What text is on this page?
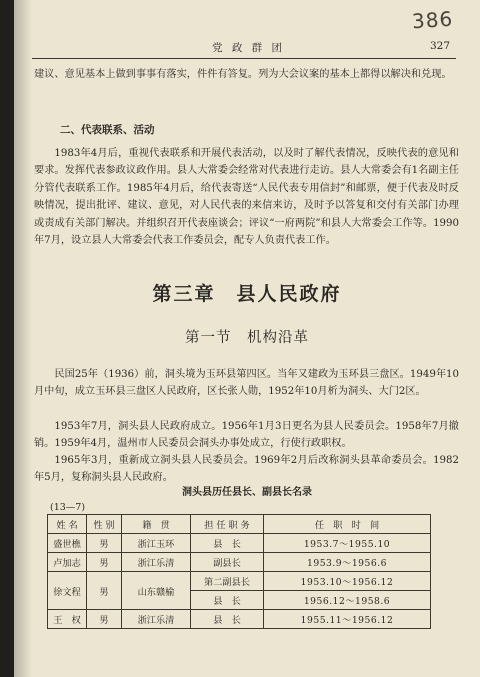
386
党 政 群 团	327

建议、意见基本上做到事事有落实，件件有答复。列为大会议案的基本上都得以解决和兑现。

二、代表联系、活动

1983年4月后，重视代表联系和开展代表活动，以及时了解代表情况，反映代表的意见和要求。发挥代表参政议政作用。县人大常委会经常对代表进行走访。县人大常委会有1名副主任分管代表联系工作。1985年4月后，给代表寄送“人民代表专用信封”和邮票，便于代表及时反映情况，提出批评、建议、意见，对人民代表的来信来访，及时予以答复和交付有关部门办理或责成有关部门解决。并组织召开代表座谈会；评议“一府两院”和县人大常委会工作等。1990年7月，设立县人大常委会代表工作委员会，配专人负责代表工作。

第三章　县人民政府
第一节　机构沿革

民国25年（1936）前，洞头境为玉环县第四区。当年又建政为玉环县三盘区。1949年10月中旬，成立玉环县三盘区人民政府，区长张人勋，1952年10月析为洞头、大门2区。

1953年7月，洞头县人民政府成立。1956年1月3日更名为县人民委员会。1958年7月撤销。1959年4月，温州市人民委员会洞头办事处成立，行使行政职权。

1965年3月，重新成立洞头县人民委员会。1969年2月后改称洞头县革命委员会。1982年5月，复称洞头县人民政府。

洞头县历任县长、副县长名录
(13—7)
姓 名	性 别	籍　贯	担 任 职 务	任　职　时　间
盛世樵	男	浙江玉环	县　长	1953.7～1955.10
卢加志	男	浙江乐清	副县长	1953.9～1956.6
徐文程	男	山东赣榆	第二副县长	1953.10～1956.12
			县　长	1956.12～1958.6
王　权	男	浙江乐清	县　长	1955.11～1956.12
